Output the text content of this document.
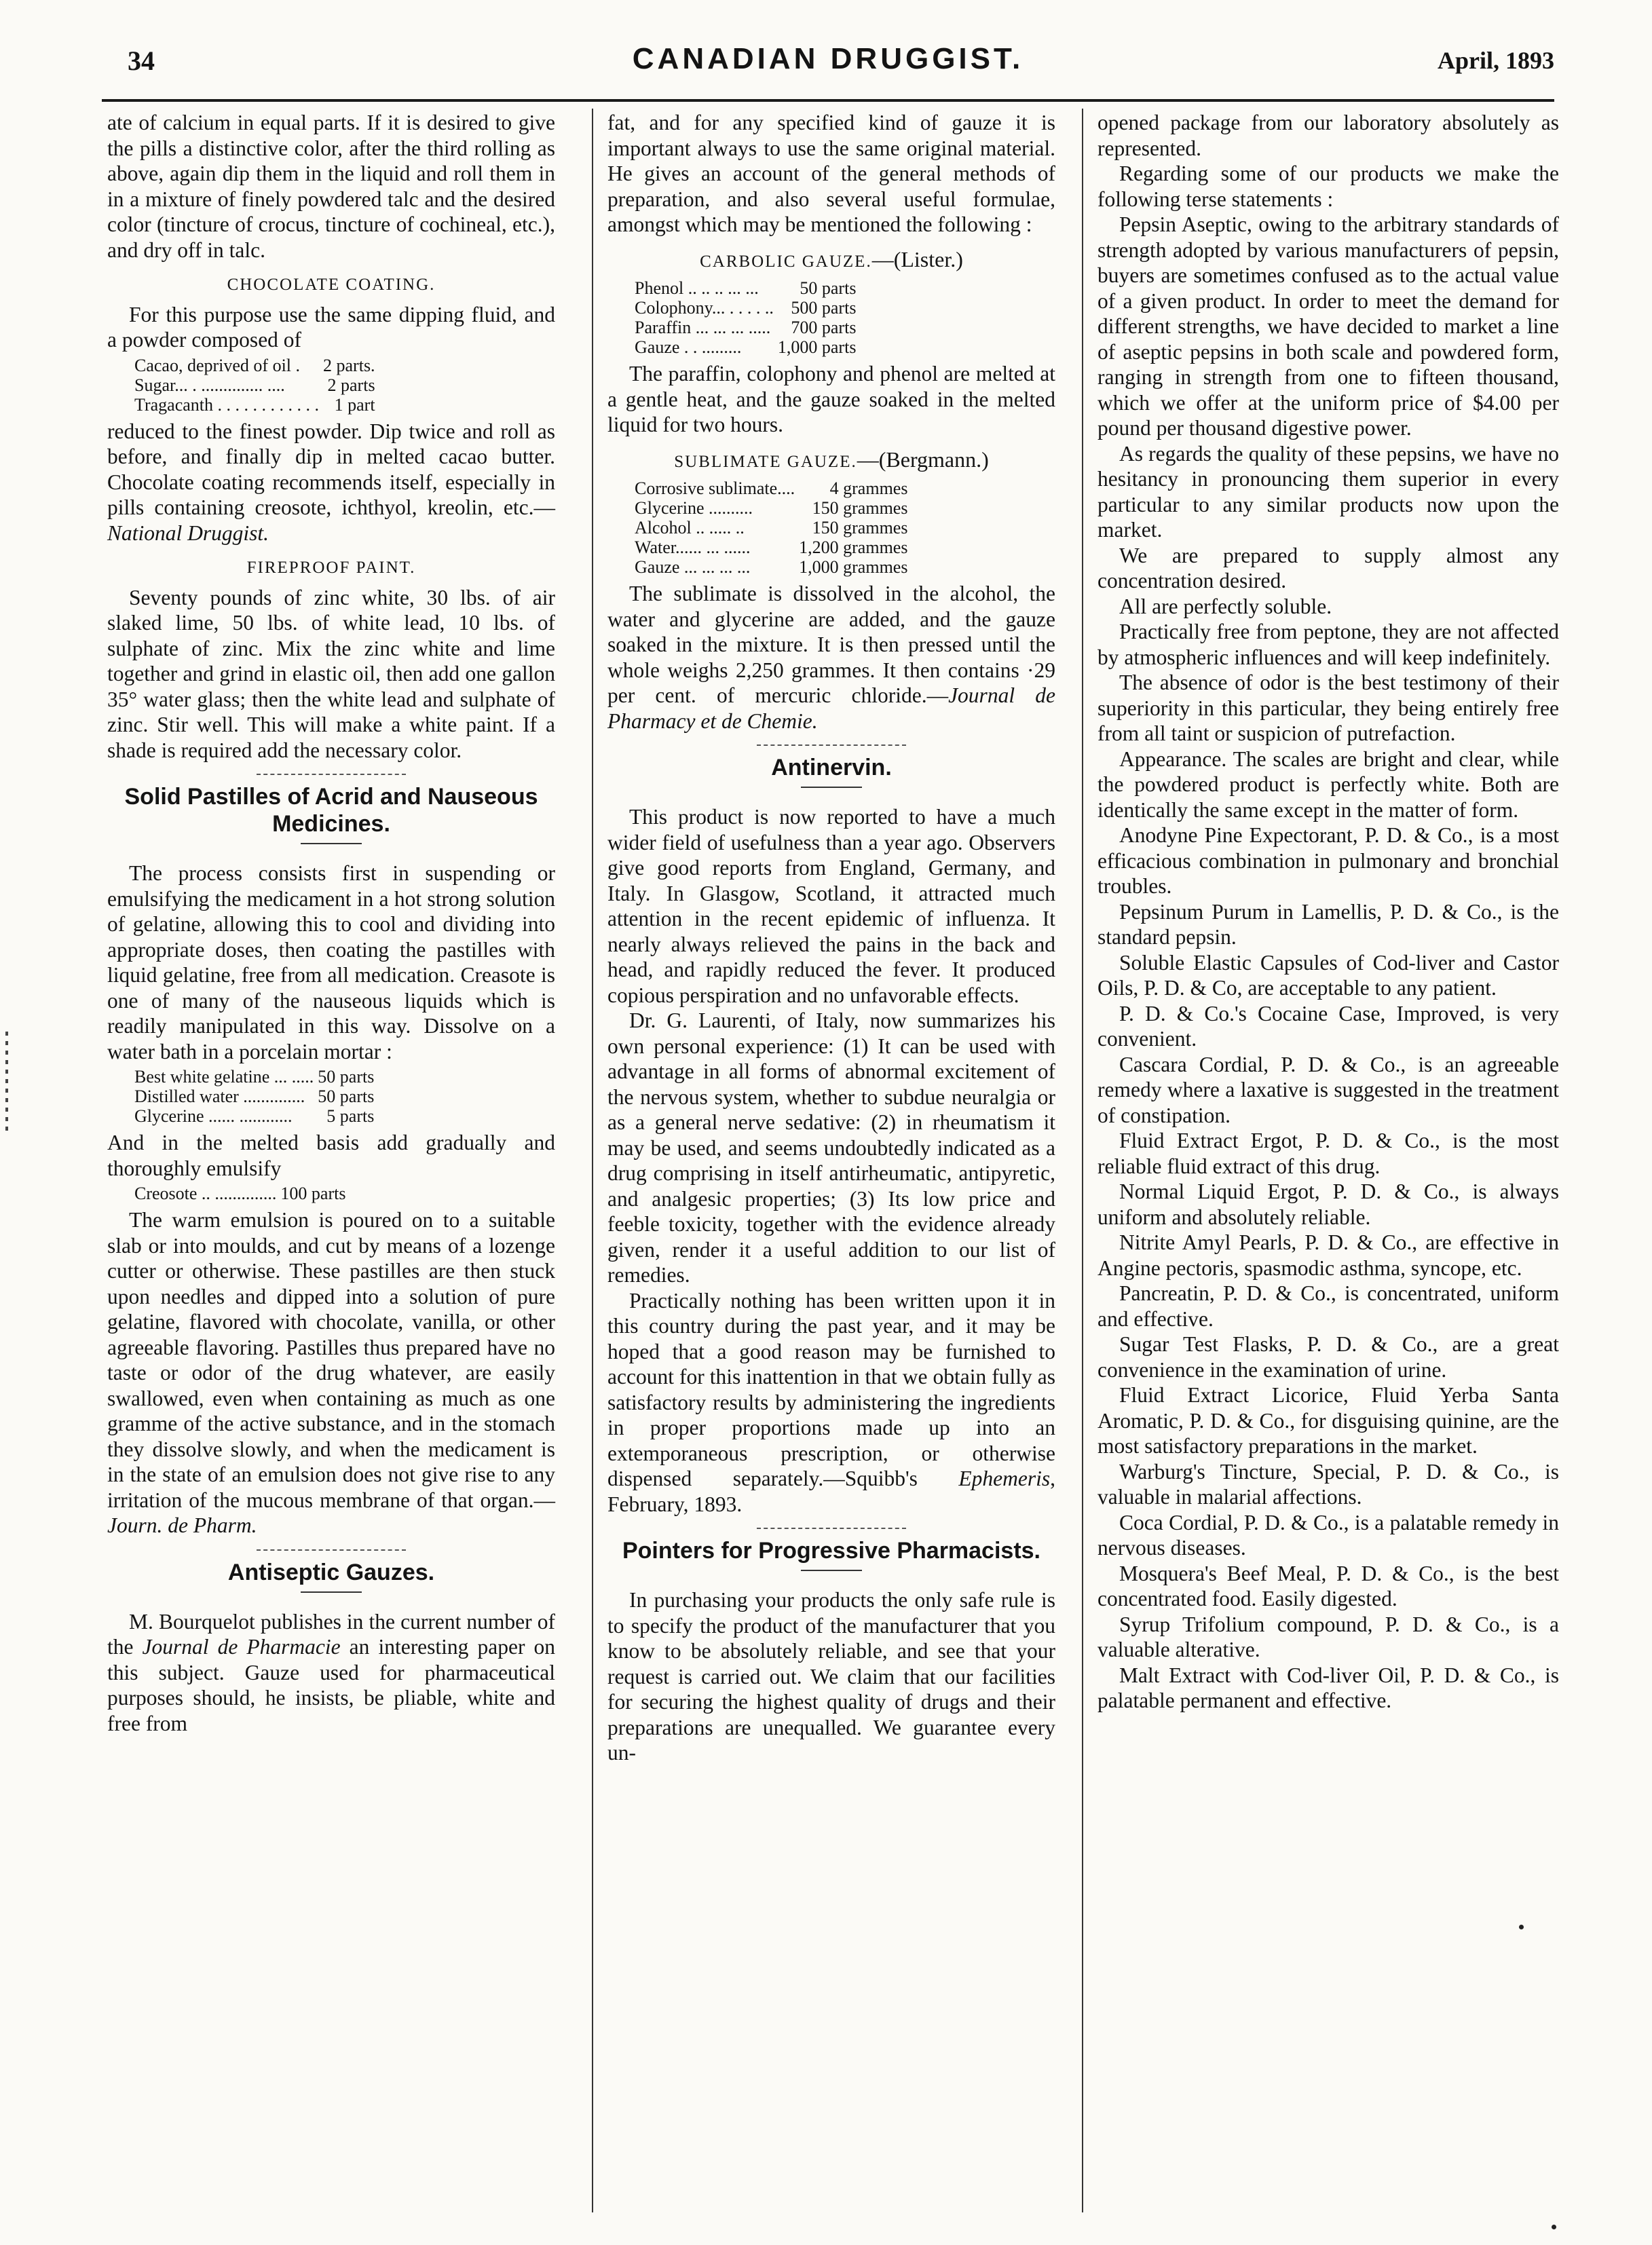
34	CANADIAN DRUGGIST.	April, 1893

ate of calcium in equal parts. If it is desired to give the pills a distinctive color, after the third rolling as above, again dip them in the liquid and roll them in in a mixture of finely powdered talc and the desired color (tincture of crocus, tincture of cochineal, etc.), and dry off in talc.

CHOCOLATE COATING.

For this purpose use the same dipping fluid, and a powder composed of

Cacao, deprived of oil .	2 parts.
Sugar... . .............. ....	2 parts
Tragacanth . . . . . . . . . . . .	1 part

reduced to the finest powder. Dip twice and roll as before, and finally dip in melted cacao butter. Chocolate coating recommends itself, especially in pills containing creosote, ichthyol, kreolin, etc.—National Druggist.

FIREPROOF PAINT.

Seventy pounds of zinc white, 30 lbs. of air slaked lime, 50 lbs. of white lead, 10 lbs. of sulphate of zinc. Mix the zinc white and lime together and grind in elastic oil, then add one gallon 35° water glass; then the white lead and sulphate of zinc. Stir well. This will make a white paint. If a shade is required add the necessary color.

Solid Pastilles of Acrid and Nauseous Medicines.

The process consists first in suspending or emulsifying the medicament in a hot strong solution of gelatine, allowing this to cool and dividing into appropriate doses, then coating the pastilles with liquid gelatine, free from all medication. Creasote is one of many of the nauseous liquids which is readily manipulated in this way. Dissolve on a water bath in a porcelain mortar :

Best white gelatine ... .....	50 parts
Distilled water ..............	50 parts
Glycerine ...... ............	5 parts

And in the melted basis add gradually and thoroughly emulsify

Creosote .. ..............	100 parts

The warm emulsion is poured on to a suitable slab or into moulds, and cut by means of a lozenge cutter or otherwise. These pastilles are then stuck upon needles and dipped into a solution of pure gelatine, flavored with chocolate, vanilla, or other agreeable flavoring. Pastilles thus prepared have no taste or odor of the drug whatever, are easily swallowed, even when containing as much as one gramme of the active substance, and in the stomach they dissolve slowly, and when the medicament is in the state of an emulsion does not give rise to any irritation of the mucous membrane of that organ.—Journ. de Pharm.

Antiseptic Gauzes.

M. Bourquelot publishes in the current number of the Journal de Pharmacie an interesting paper on this subject. Gauze used for pharmaceutical purposes should, he insists, be pliable, white and free from

fat, and for any specified kind of gauze it is important always to use the same original material. He gives an account of the general methods of preparation, and also several useful formulae, amongst which may be mentioned the following :

CARBOLIC GAUZE.—(Lister.)
Phenol .. .. .. ... ...	50 parts
Colophony... . . . . ..	500 parts
Paraffin ... ... ... .....	700 parts
Gauze . . .........	1,000 parts

The paraffin, colophony and phenol are melted at a gentle heat, and the gauze soaked in the melted liquid for two hours.

SUBLIMATE GAUZE.—(Bergmann.)
Corrosive sublimate....	4 grammes
Glycerine ..........	150 grammes
Alcohol .. ..... ..	150 grammes
Water...... ... ......	1,200 grammes
Gauze ... ... ... ...	1,000 grammes

The sublimate is dissolved in the alcohol, the water and glycerine are added, and the gauze soaked in the mixture. It is then pressed until the whole weighs 2,250 grammes. It then contains ·29 per cent. of mercuric chloride.—Journal de Pharmacy et de Chemie.

Antinervin.

This product is now reported to have a much wider field of usefulness than a year ago. Observers give good reports from England, Germany, and Italy. In Glasgow, Scotland, it attracted much attention in the recent epidemic of influenza. It nearly always relieved the pains in the back and head, and rapidly reduced the fever. It produced copious perspiration and no unfavorable effects.

Dr. G. Laurenti, of Italy, now summarizes his own personal experience: (1) It can be used with advantage in all forms of abnormal excitement of the nervous system, whether to subdue neuralgia or as a general nerve sedative: (2) in rheumatism it may be used, and seems undoubtedly indicated as a drug comprising in itself antirheumatic, antipyretic, and analgesic properties; (3) Its low price and feeble toxicity, together with the evidence already given, render it a useful addition to our list of remedies.

Practically nothing has been written upon it in this country during the past year, and it may be hoped that a good reason may be furnished to account for this inattention in that we obtain fully as satisfactory results by administering the ingredients in proper proportions made up into an extemporaneous prescription, or otherwise dispensed separately.—Squibb's Ephemeris, February, 1893.

Pointers for Progressive Pharmacists.

In purchasing your products the only safe rule is to specify the product of the manufacturer that you know to be absolutely reliable, and see that your request is carried out. We claim that our facilities for securing the highest quality of drugs and their preparations are unequalled. We guarantee every un-

opened package from our laboratory absolutely as represented.

Regarding some of our products we make the following terse statements :

Pepsin Aseptic, owing to the arbitrary standards of strength adopted by various manufacturers of pepsin, buyers are sometimes confused as to the actual value of a given product. In order to meet the demand for different strengths, we have decided to market a line of aseptic pepsins in both scale and powdered form, ranging in strength from one to fifteen thousand, which we offer at the uniform price of $4.00 per pound per thousand digestive power.

As regards the quality of these pepsins, we have no hesitancy in pronouncing them superior in every particular to any similar products now upon the market.

We are prepared to supply almost any concentration desired.

All are perfectly soluble.

Practically free from peptone, they are not affected by atmospheric influences and will keep indefinitely.

The absence of odor is the best testimony of their superiority in this particular, they being entirely free from all taint or suspicion of putrefaction.

Appearance. The scales are bright and clear, while the powdered product is perfectly white. Both are identically the same except in the matter of form.

Anodyne Pine Expectorant, P. D. & Co., is a most efficacious combination in pulmonary and bronchial troubles.

Pepsinum Purum in Lamellis, P. D. & Co., is the standard pepsin.

Soluble Elastic Capsules of Cod-liver and Castor Oils, P. D. & Co, are acceptable to any patient.

P. D. & Co.'s Cocaine Case, Improved, is very convenient.

Cascara Cordial, P. D. & Co., is an agreeable remedy where a laxative is suggested in the treatment of constipation.

Fluid Extract Ergot, P. D. & Co., is the most reliable fluid extract of this drug.

Normal Liquid Ergot, P. D. & Co., is always uniform and absolutely reliable.

Nitrite Amyl Pearls, P. D. & Co., are effective in Angine pectoris, spasmodic asthma, syncope, etc.

Pancreatin, P. D. & Co., is concentrated, uniform and effective.

Sugar Test Flasks, P. D. & Co., are a great convenience in the examination of urine.

Fluid Extract Licorice, Fluid Yerba Santa Aromatic, P. D. & Co., for disguising quinine, are the most satisfactory preparations in the market.

Warburg's Tincture, Special, P. D. & Co., is valuable in malarial affections.

Coca Cordial, P. D. & Co., is a palatable remedy in nervous diseases.

Mosquera's Beef Meal, P. D. & Co., is the best concentrated food. Easily digested.

Syrup Trifolium compound, P. D. & Co., is a valuable alterative.

Malt Extract with Cod-liver Oil, P. D. & Co., is palatable permanent and effective.
